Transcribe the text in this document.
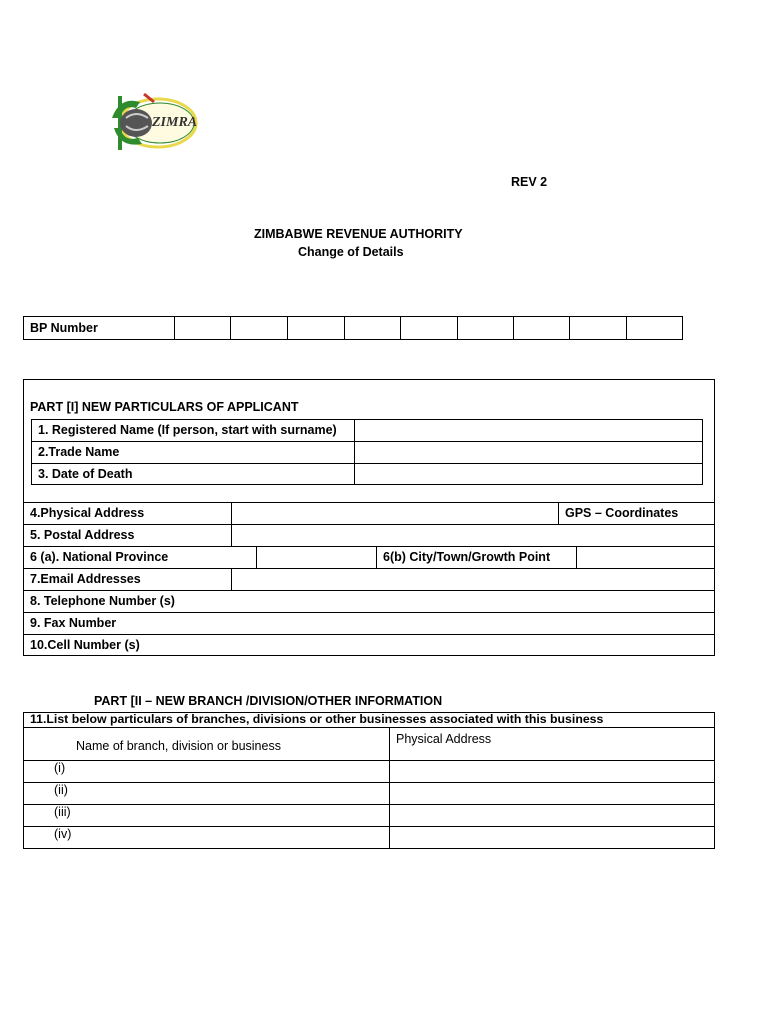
ZIMRA
REV 2
ZIMBABWE REVENUE AUTHORITY
Change of Details
BP Number
PART [I] NEW PARTICULARS OF APPLICANT
1. Registered Name (If person, start with surname)
2.Trade Name
3. Date of Death
4.Physical Address	GPS – Coordinates
5. Postal Address
6 (a). National Province	6(b) City/Town/Growth Point
7.Email Addresses
8. Telephone Number (s)
9. Fax Number
10.Cell Number (s)
PART [II – NEW BRANCH /DIVISION/OTHER INFORMATION
11.List below particulars of branches, divisions or other businesses associated with this business
Name of branch, division or business	Physical Address
(i)
(ii)
(iii)
(iv)
